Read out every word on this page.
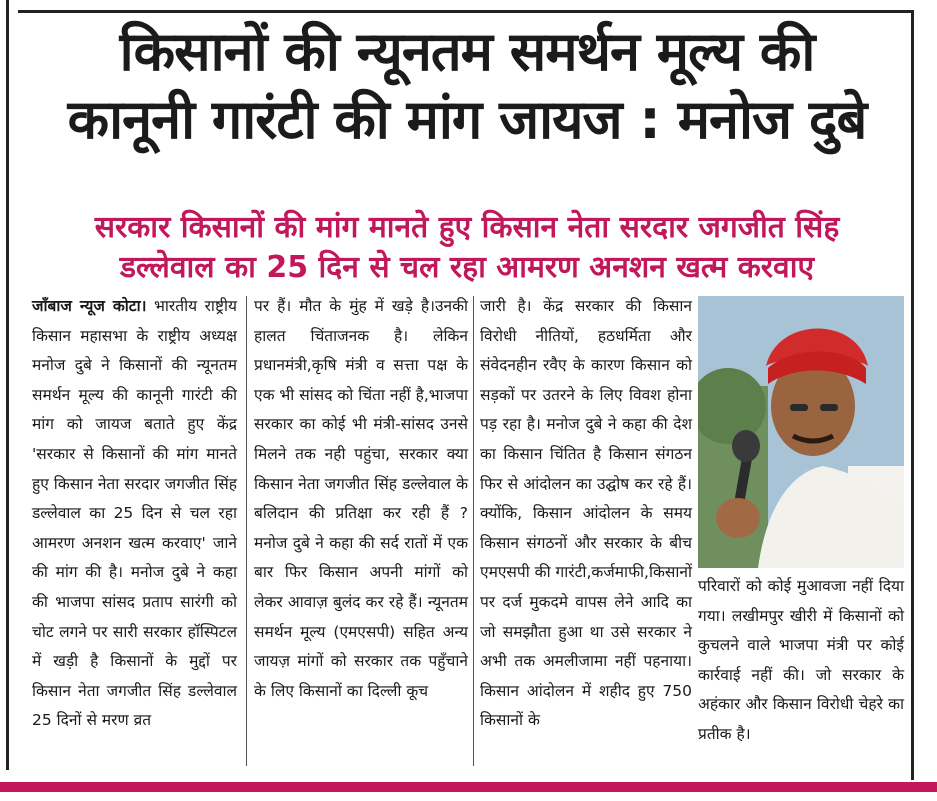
किसानों की न्यूनतम समर्थन मूल्य की
कानूनी गारंटी की मांग जायज : मनोज दुबे
सरकार किसानों की मांग मानते हुए किसान नेता सरदार जगजीत सिंह
डल्लेवाल का 25 दिन से चल रहा आमरण अनशन खत्म करवाए
जाँबाज न्यूज कोटा। भारतीय राष्ट्रीय किसान महासभा के राष्ट्रीय अध्यक्ष मनोज दुबे ने किसानों की न्यूनतम समर्थन मूल्य की कानूनी गारंटी की मांग को जायज बताते हुए केंद्र 'सरकार से किसानों की मांग मानते हुए किसान नेता सरदार जगजीत सिंह डल्लेवाल का 25 दिन से चल रहा आमरण अनशन खत्म करवाए' जाने की मांग की है। मनोज दुबे ने कहा की भाजपा सांसद प्रताप सारंगी को चोट लगने पर सारी सरकार हॉस्पिटल में खड़ी है किसानों के मुद्दों पर किसान नेता जगजीत सिंह डल्लेवाल 25 दिनों से मरण व्रत
पर हैं। मौत के मुंह में खड़े है।उनकी हालत चिंताजनक है। लेकिन प्रधानमंत्री,कृषि मंत्री व सत्ता पक्ष के एक भी सांसद को चिंता नहीं है,भाजपा सरकार का कोई भी मंत्री-सांसद उनसे मिलने तक नही पहुंचा, सरकार क्या किसान नेता जगजीत सिंह डल्लेवाल के बलिदान की प्रतिक्षा कर रही हैं ? मनोज दुबे ने कहा की सर्द रातों में एक बार फिर किसान अपनी मांगों को लेकर आवाज़ बुलंद कर रहे हैं। न्यूनतम समर्थन मूल्य (एमएसपी) सहित अन्य जायज़ मांगों को सरकार तक पहुँचाने के लिए किसानों का दिल्ली कूच
जारी है। केंद्र सरकार की किसान विरोधी नीतियों, हठधर्मिता और संवेदनहीन रवैए के कारण किसान को सड़कों पर उतरने के लिए विवश होना पड़ रहा है। मनोज दुबे ने कहा की देश का किसान चिंतित है किसान संगठन फिर से आंदोलन का उद्घोष कर रहे हैं। क्योंकि, किसान आंदोलन के समय किसान संगठनों और सरकार के बीच एमएसपी की गारंटी,कर्जमाफी,किसानों पर दर्ज मुकदमे वापस लेने आदि का जो समझौता हुआ था उसे सरकार ने अभी तक अमलीजामा नहीं पहनाया। किसान आंदोलन में शहीद हुए 750 किसानों के
परिवारों को कोई मुआवजा नहीं दिया गया। लखीमपुर खीरी में किसानों को कुचलने वाले भाजपा मंत्री पर कोई कार्रवाई नहीं की। जो सरकार के अहंकार और किसान विरोधी चेहरे का प्रतीक है।
